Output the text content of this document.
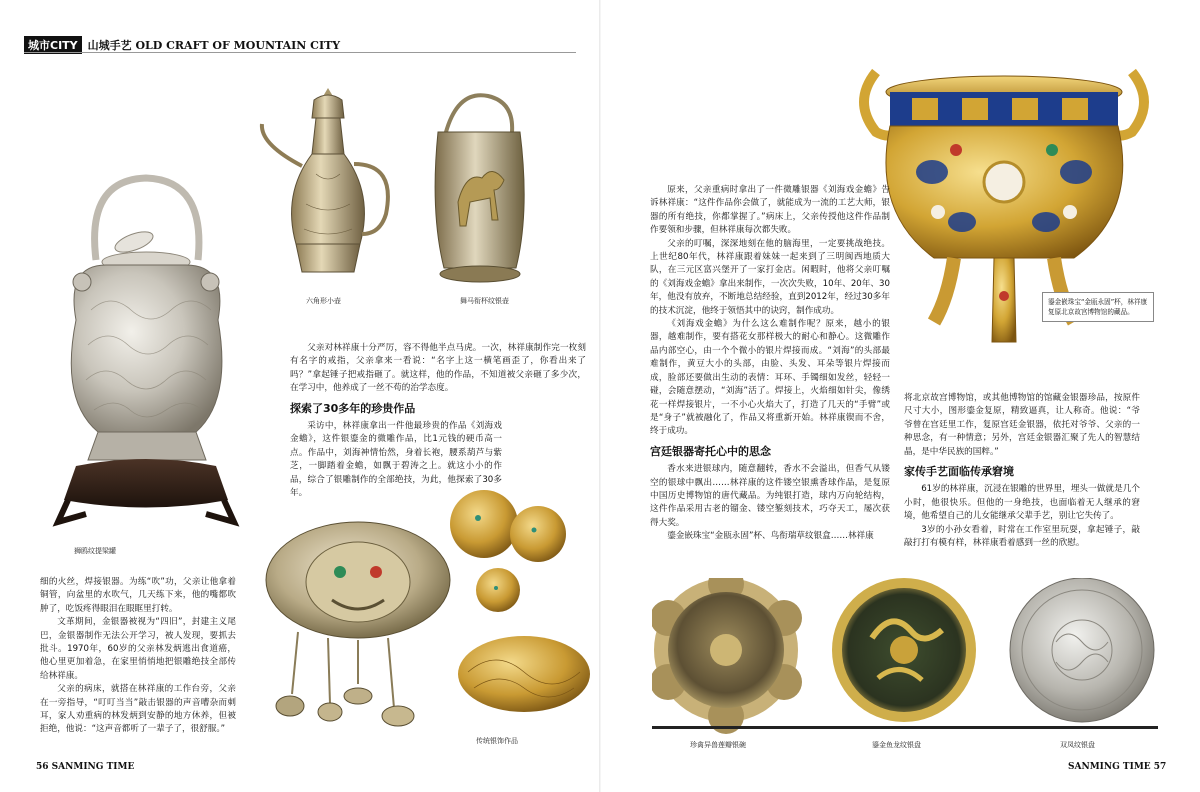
城市CITY 山城手艺 OLD CRAFT OF MOUNTAIN CITY
狮鸥纹提梁罐
六角形小壶	舞马衔杯纹银壶

父亲对林祥康十分严厉，容不得他半点马虎。一次，林祥康制作完一枚刻有名字的戒指，父亲拿来一看说：“名字上这一横笔画歪了，你看出来了吗？”拿起锤子把戒指砸了。就这样，他的作品，不知道被父亲砸了多少次，在学习中，他养成了一丝不苟的治学态度。

探索了30多年的珍贵作品

采访中，林祥康拿出一件他最珍贵的作品《刘海戏金蟾》，这件银鎏金的微雕作品，比1元钱的硬币高一点。作品中，刘海神情怡然，身着长袍，腰系葫芦与紫芝，一脚踏着金蟾，如飘于碧涛之上。就这小小的作品，综合了银雕制作的全部绝技，为此，他探索了30多年。

传统银饰作品

细的火丝，焊接银器。为练“吹”功，父亲让他拿着铜管，向盆里的水吹气，几天练下来，他的嘴都吹肿了，吃饭疼得眼泪在眼眶里打转。

文革期间，金银器被视为“四旧”，封建主义尾巴，金银器制作无法公开学习，被人发现，要抓去批斗。1970年，60岁的父亲林发炳逃出食道癌，他心里更加着急，在家里悄悄地把银雕绝技全部传给林祥康。

父亲的病床，就搭在林祥康的工作台旁，父亲在一旁指导，“叮叮当当”敲击银器的声音嘈杂而刺耳，家人劝重病的林发炳到安静的地方休养，但被拒绝，他说：“这声音都听了一辈子了，很舒服。”

56 SANMING TIME
鎏金嵌珠宝“金瓯永固”杯，林祥康复原北京故宫博物馆的藏品。

原来，父亲重病时拿出了一件微雕银器《刘海戏金蟾》告诉林祥康：“这件作品你会做了，就能成为一流的工艺大师，银器的所有绝技，你都掌握了。”病床上，父亲传授他这件作品制作要领和步骤，但林祥康每次都失败。

父亲的叮嘱，深深地刻在他的脑海里，一定要挑战绝技。上世纪80年代，林祥康跟着妹妹一起来到了三明闽西地质大队，在三元区富兴堡开了一家打金店。闲暇时，他将父亲叮嘱的《刘海戏金蟾》拿出来制作，一次次失败，10年、20年、30年，他没有放弃，不断地总结经验，直到2012年，经过30多年的技术沉淀，他终于领悟其中的诀窍，制作成功。

《刘海戏金蟾》为什么这么难制作呢？原来，越小的银器，越难制作，要有搭花女那样极大的耐心和静心。这微雕作品内部空心，由一个个微小的银片焊接而成。“刘海”的头部最难制作，黄豆大小的头部，由脸、头发、耳朵等银片焊接而成，脸部还要做出生动的表情：耳环、手镯细如发丝，轻轻一碰，会随意摆动，“刘海”活了。焊接上，火焰细如针尖，像绣花一样焊接银片，一不小心火焰大了，打造了几天的“手臂”或是“身子”就被融化了，作品又将重新开始。林祥康锲而不舍，终于成功。

宫廷银器寄托心中的思念

香水来进银球内，随意翻转，香水不会溢出，但香气从镂空的银球中飘出……林祥康的这件镂空银熏香球作品，是复原中国历史博物馆的唐代藏品。为纯银打造，球内万向轮结构，这件作品采用古老的镏金、镂空錾刻技术，巧夺天工，屡次获得大奖。

鎏金嵌珠宝“金瓯永固”杯、鸟衔瑞草纹银盒……林祥康

将北京故宫博物馆，或其他博物馆的馆藏金银器珍品，按原件尺寸大小，图形鎏金复原，精致逼真，让人称奇。他说：“爷爷曾在宫廷里工作，复原宫廷金银器，依托对爷爷、父亲的一种思念，有一种情意；另外，宫廷金银器汇聚了先人的智慧结晶，是中华民族的国粹。”

家传手艺面临传承窘境

61岁的林祥康，沉浸在银雕的世界里，埋头一做就是几个小时，他很快乐。但他的一身绝技，也面临着无人继承的窘境，他希望自己的儿女能继承父辈手艺，别让它失传了。

3岁的小孙女看着，时常在工作室里玩耍，拿起锤子，敲敲打打有模有样，林祥康看着感到一丝的欣慰。

珍禽异兽莲瓣银碗	鎏金鱼龙纹银盘	双凤纹银盘
SANMING TIME 57
